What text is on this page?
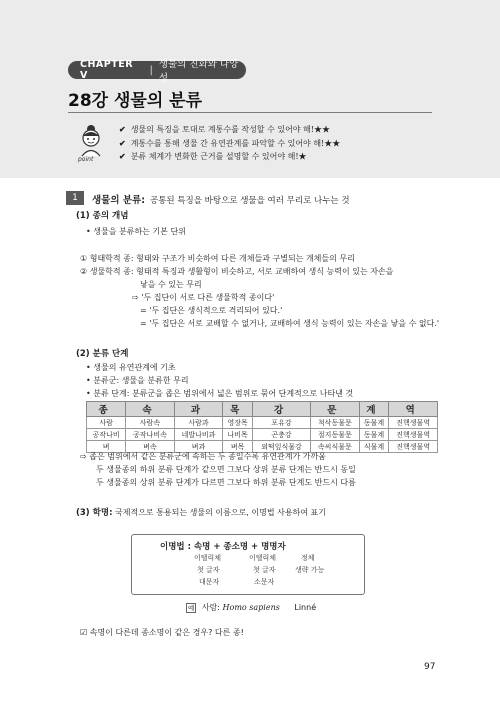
CHAPTER Ⅴ	| 생물의 진화와 다양성
28강 생물의 분류
point
✔ 생물의 특징을 토대로 계통수를 작성할 수 있어야 해!★★
✔ 계통수를 통해 생물 간 유연관계를 파악할 수 있어야 해!★★
✔ 분류 체계가 변화한 근거를 설명할 수 있어야 해!★
1	생물의 분류: 공통된 특징을 바탕으로 생물을 여러 무리로 나누는 것
(1) 종의 개념
• 생물을 분류하는 기본 단위
① 형태학적 종: 형태와 구조가 비슷하여 다른 개체들과 구별되는 개체들의 무리
② 생물학적 종: 형태적 특징과 생활형이 비슷하고, 서로 교배하여 생식 능력이 있는 자손을
낳을 수 있는 무리
⇨ '두 집단이 서로 다른 생물학적 종이다'
= '두 집단은 생식적으로 격리되어 있다.'
= '두 집단은 서로 교배할 수 없거나, 교배하여 생식 능력이 있는 자손을 낳을 수 없다.'
(2) 분류 단계
• 생물의 유연관계에 기초
• 분류군: 생물을 분류한 무리
• 분류 단계: 분류군을 좁은 범위에서 넓은 범위로 묶어 단계적으로 나타낸 것
종	속	과	목	강	문	계	역
사람	사람속	사람과	영장목	포유강	척삭동물문	동물계	진핵생물역
공작나비	공작나비속	네발나비과	나비목	곤충강	절지동물문	동물계	진핵생물역
벼	벼속	벼과	벼목	외떡잎식물강	속씨식물문	식물계	진핵생물역
⇨ 좁은 범위에서 같은 분류군에 속하는 두 종일수록 유연관계가 가까움
두 생물종의 하위 분류 단계가 같으면 그보다 상위 분류 단계는 반드시 동일
두 생물종의 상위 분류 단계가 다르면 그보다 하위 분류 단계도 반드시 다름
(3) 학명: 국제적으로 통용되는 생물의 이름으로, 이명법 사용하여 표기
이명법 : 속명 + 종소명 + 명명자
이탤릭체	이탤릭체	정체
첫 글자	첫 글자	생략 가능
대문자	소문자
예 사람: Homo sapiens Linné
☑ 속명이 다른데 종소명이 같은 경우? 다른 종!
97
